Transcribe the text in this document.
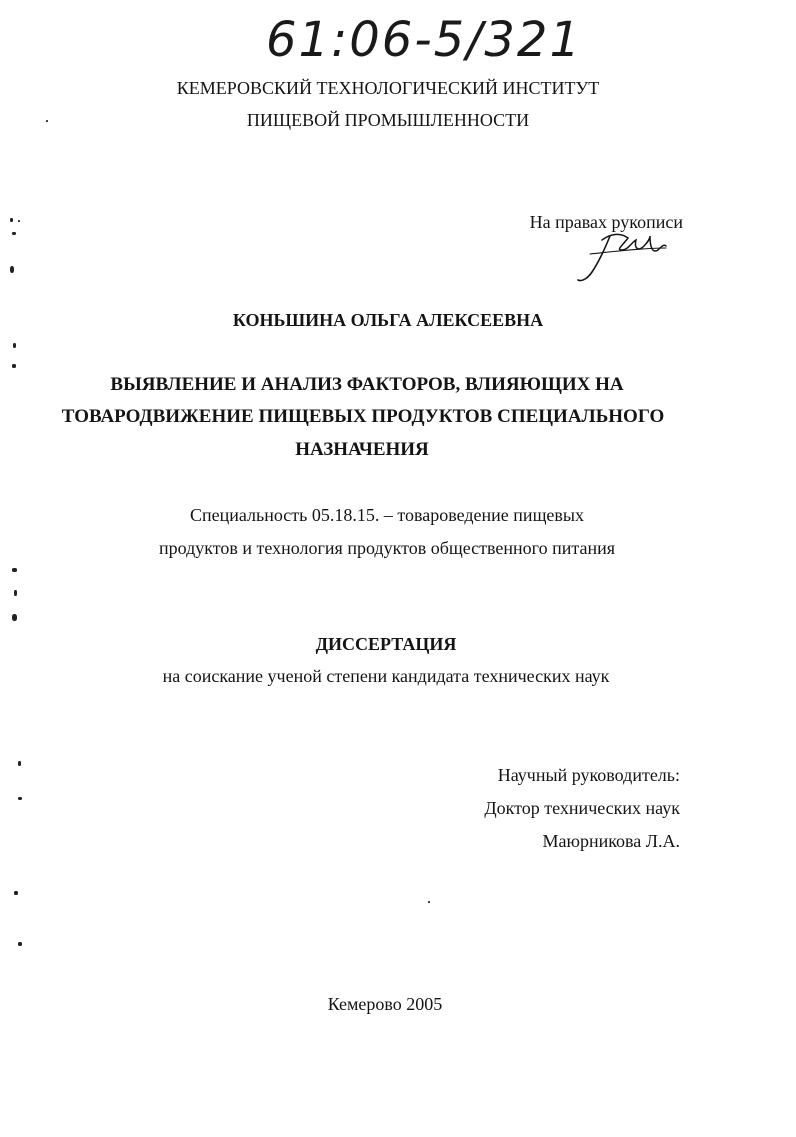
61:06-5/321
КЕМЕРОВСКИЙ ТЕХНОЛОГИЧЕСКИЙ ИНСТИТУТ
ПИЩЕВОЙ ПРОМЫШЛЕННОСТИ
На правах рукописи
КОНЬШИНА ОЛЬГА АЛЕКСЕЕВНА
ВЫЯВЛЕНИЕ И АНАЛИЗ ФАКТОРОВ, ВЛИЯЮЩИХ НА
ТОВАРОДВИЖЕНИЕ ПИЩЕВЫХ ПРОДУКТОВ СПЕЦИАЛЬНОГО
НАЗНАЧЕНИЯ
Специальность 05.18.15. – товароведение пищевых
продуктов и технология продуктов общественного питания
ДИССЕРТАЦИЯ
на соискание ученой степени кандидата технических наук
Научный руководитель:
Доктор технических наук
Маюрникова Л.А.
Кемерово 2005
